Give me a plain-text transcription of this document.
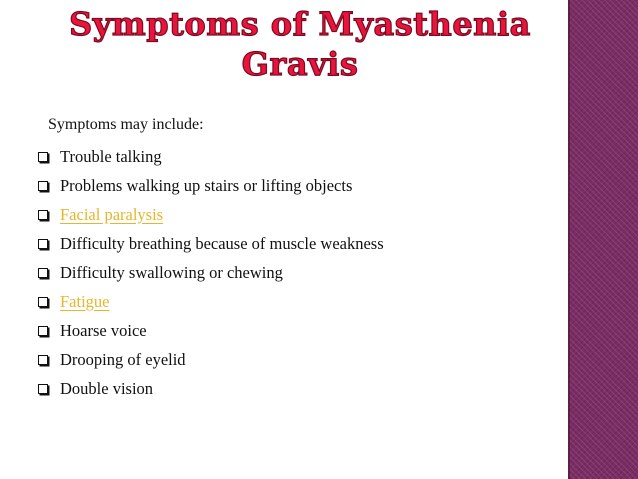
Symptoms of Myasthenia Gravis

Symptoms may include:

Trouble talking
Problems walking up stairs or lifting objects
Facial paralysis
Difficulty breathing because of muscle weakness
Difficulty swallowing or chewing
Fatigue
Hoarse voice
Drooping of eyelid
Double vision
